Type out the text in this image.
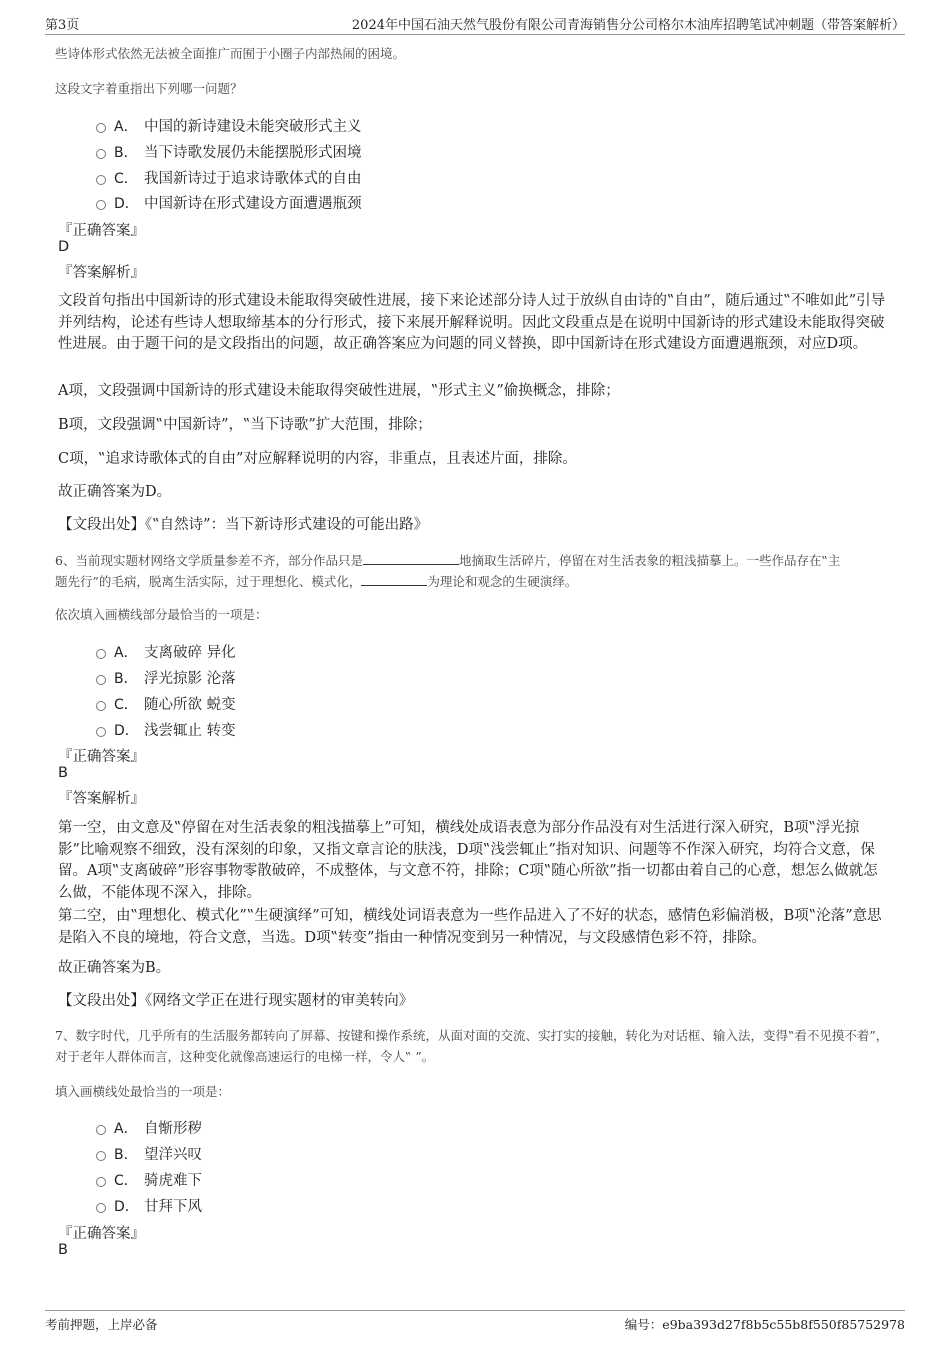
第3页	2024年中国石油天然气股份有限公司青海销售分公司格尔木油库招聘笔试冲刺题（带答案解析）
些诗体形式依然无法被全面推广而囿于小圈子内部热闹的困境。
这段文字着重指出下列哪一问题？
A． 中国的新诗建设未能突破形式主义
B． 当下诗歌发展仍未能摆脱形式困境
C． 我国新诗过于追求诗歌体式的自由
D． 中国新诗在形式建设方面遭遇瓶颈
『正确答案』
D
『答案解析』
文段首句指出中国新诗的形式建设未能取得突破性进展，接下来论述部分诗人过于放纵自由诗的‟自由”，随后通过‟不唯如此”引导并列结构，论述有些诗人想取缔基本的分行形式，接下来展开解释说明。因此文段重点是在说明中国新诗的形式建设未能取得突破性进展。由于题干问的是文段指出的问题，故正确答案应为问题的同义替换，即中国新诗在形式建设方面遭遇瓶颈，对应D项。
A项，文段强调中国新诗的形式建设未能取得突破性进展，‟形式主义”偷换概念，排除；
B项，文段强调‟中国新诗”，‟当下诗歌”扩大范围，排除；
C项，‟追求诗歌体式的自由”对应解释说明的内容，非重点，且表述片面，排除。
故正确答案为D。
【文段出处】《‟自然诗”：当下新诗形式建设的可能出路》
6、当前现实题材网络文学质量参差不齐，部分作品只是	地摘取生活碎片，停留在对生活表象的粗浅描摹上。一些作品存在‟主
题先行”的毛病，脱离生活实际，过于理想化、模式化，	为理论和观念的生硬演绎。
依次填入画横线部分最恰当的一项是：
A． 支离破碎 异化
B． 浮光掠影 沦落
C． 随心所欲 蜕变
D． 浅尝辄止 转变
『正确答案』
B
『答案解析』
第一空，由文意及‟停留在对生活表象的粗浅描摹上”可知，横线处成语表意为部分作品没有对生活进行深入研究，B项‟浮光掠影”比喻观察不细致，没有深刻的印象，又指文章言论的肤浅，D项‟浅尝辄止”指对知识、问题等不作深入研究，均符合文意，保留。A项‟支离破碎”形容事物零散破碎，不成整体，与文意不符，排除；C项‟随心所欲”指一切都由着自己的心意，想怎么做就怎么做，不能体现不深入，排除。
第二空，由‟理想化、模式化”‟生硬演绎”可知，横线处词语表意为一些作品进入了不好的状态，感情色彩偏消极，B项‟沦落”意思是陷入不良的境地，符合文意，当选。D项‟转变”指由一种情况变到另一种情况，与文段感情色彩不符，排除。
故正确答案为B。
【文段出处】《网络文学正在进行现实题材的审美转向》
7、数字时代，几乎所有的生活服务都转向了屏幕、按键和操作系统，从面对面的交流、实打实的接触，转化为对话框、输入法，变得‟看不见摸不着”，对于老年人群体而言，这种变化就像高速运行的电梯一样，令人‟ ”。
填入画横线处最恰当的一项是：
A． 自惭形秽
B． 望洋兴叹
C． 骑虎难下
D． 甘拜下风
『正确答案』
B
考前押题，上岸必备	编号：e9ba393d27f8b5c55b8f550f85752978
